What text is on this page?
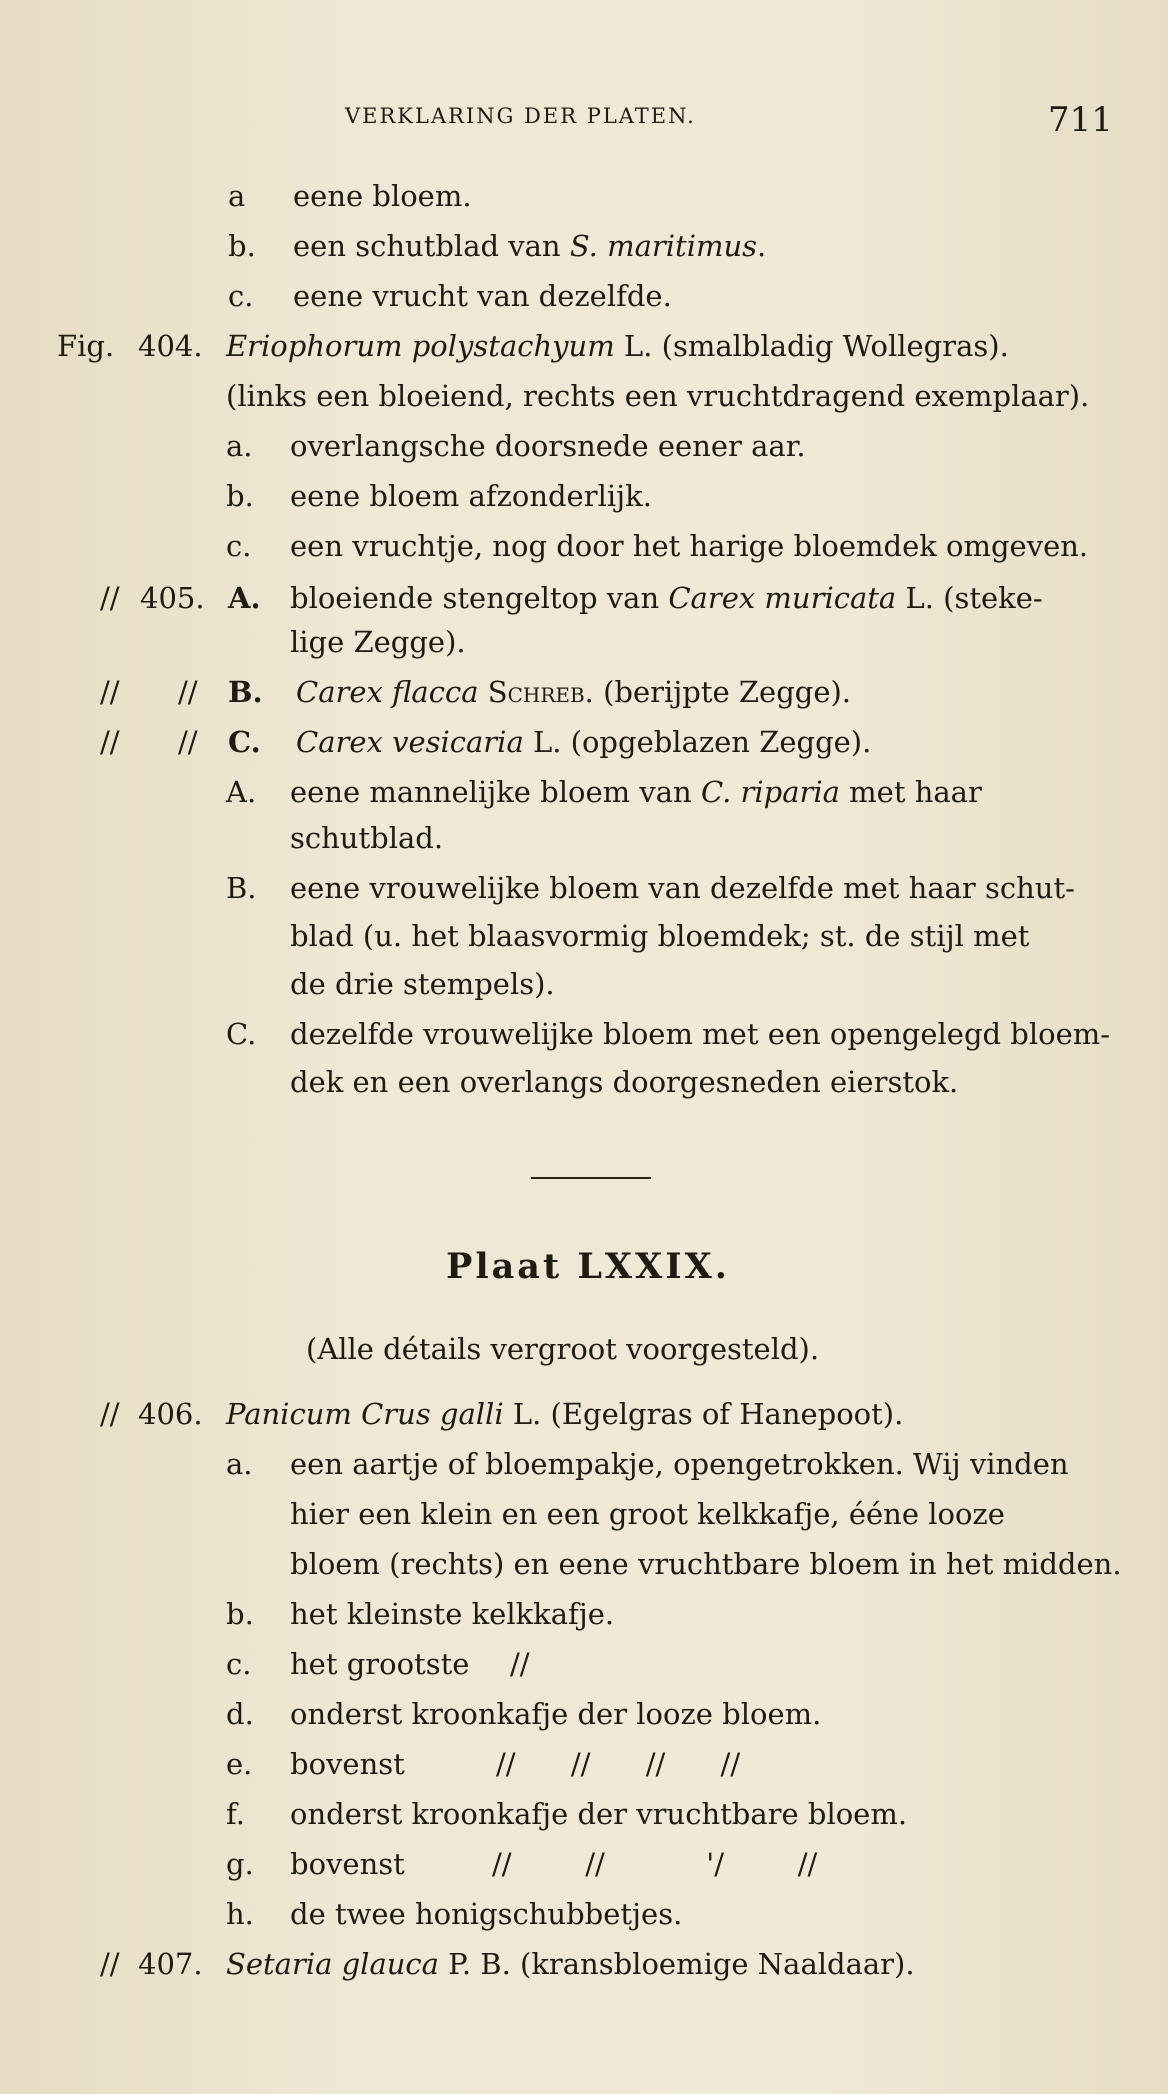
VERKLARING DER PLATEN.	711
a eene bloem.
b. een schutblad van S. maritimus.
c. eene vrucht van dezelfde.
Fig. 404. Eriophorum polystachyum L. (smalbladig Wollegras).
(links een bloeiend, rechts een vruchtdragend exemplaar).
a. overlangsche doorsnede eener aar.
b. eene bloem afzonderlijk.
c. een vruchtje, nog door het harige bloemdek omgeven.
// 405. A. bloeiende stengeltop van Carex muricata L. (steke-
lige Zegge).
// // B. Carex flacca Schreb. (berijpte Zegge).
// // C. Carex vesicaria L. (opgeblazen Zegge).
A. eene mannelijke bloem van C. riparia met haar
schutblad.
B. eene vrouwelijke bloem van dezelfde met haar schut-
blad (u. het blaasvormig bloemdek; st. de stijl met
de drie stempels).
C. dezelfde vrouwelijke bloem met een opengelegd bloem-
dek en een overlangs doorgesneden eierstok.
Plaat LXXIX.
(Alle détails vergroot voorgesteld).
// 406. Panicum Crus galli L. (Egelgras of Hanepoot).
a. een aartje of bloempakje, opengetrokken. Wij vinden
hier een klein en een groot kelkkafje, ééne looze
bloem (rechts) en eene vruchtbare bloem in het midden.
b. het kleinste kelkkafje.
c. het grootste //
d. onderst kroonkafje der looze bloem.
e. bovenst	//      //      //      //
f. onderst kroonkafje der vruchtbare bloem.
g. bovenst	//        //           '/        //
h. de twee honigschubbetjes.
// 407. Setaria glauca P. B. (kransbloemige Naaldaar).
